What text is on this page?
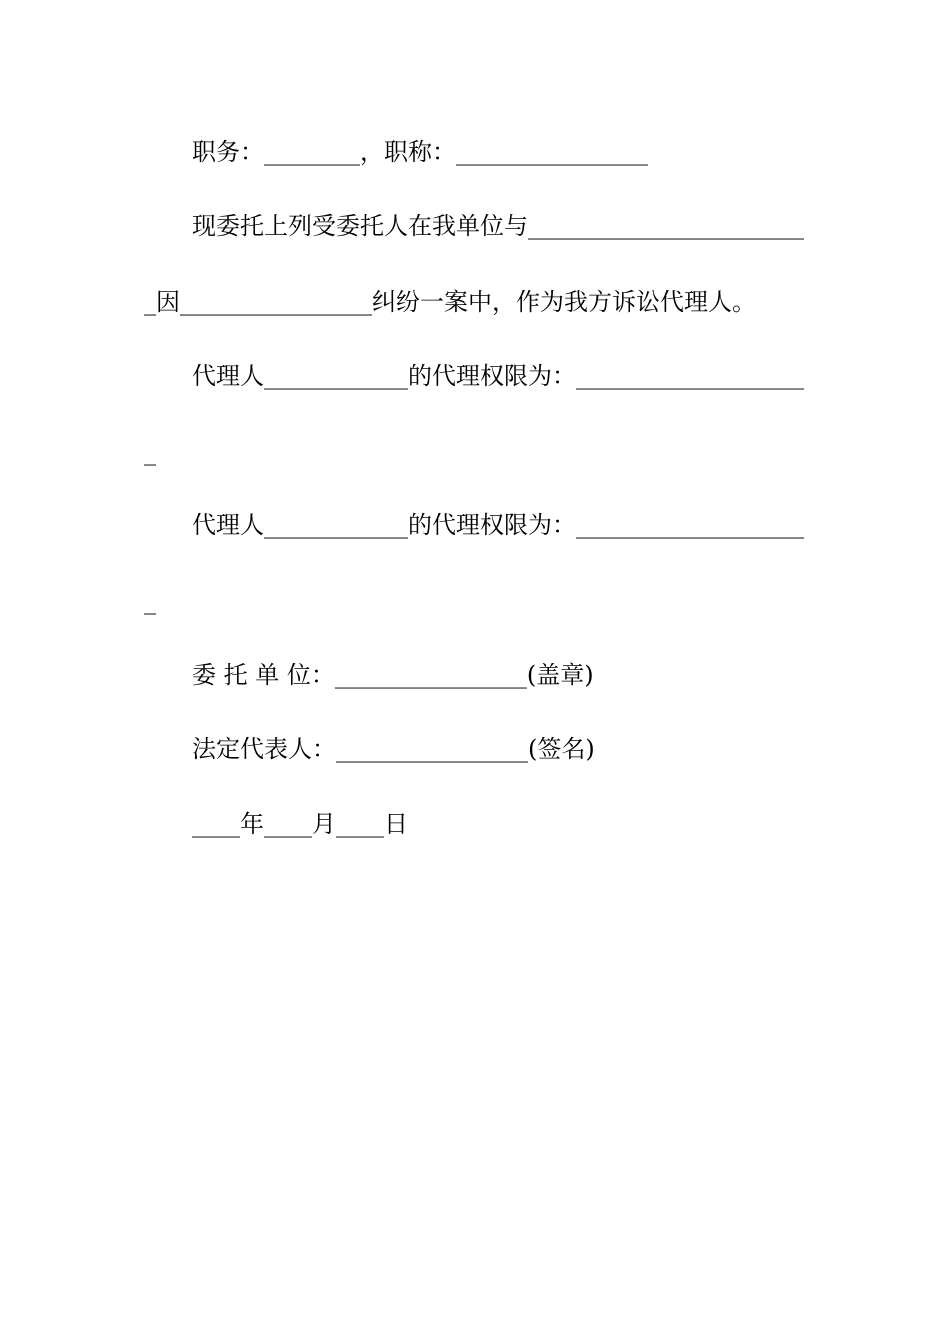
职务：________，职称：________________
现委托上列受委托人在我单位与_______________________
_因________________纠纷一案中，作为我方诉讼代理人。
代理人____________的代理权限为：___________________
_
代理人____________的代理权限为：___________________
_
委 托 单 位：________________(盖章)
法定代表人：________________(签名)
____年____月____日
